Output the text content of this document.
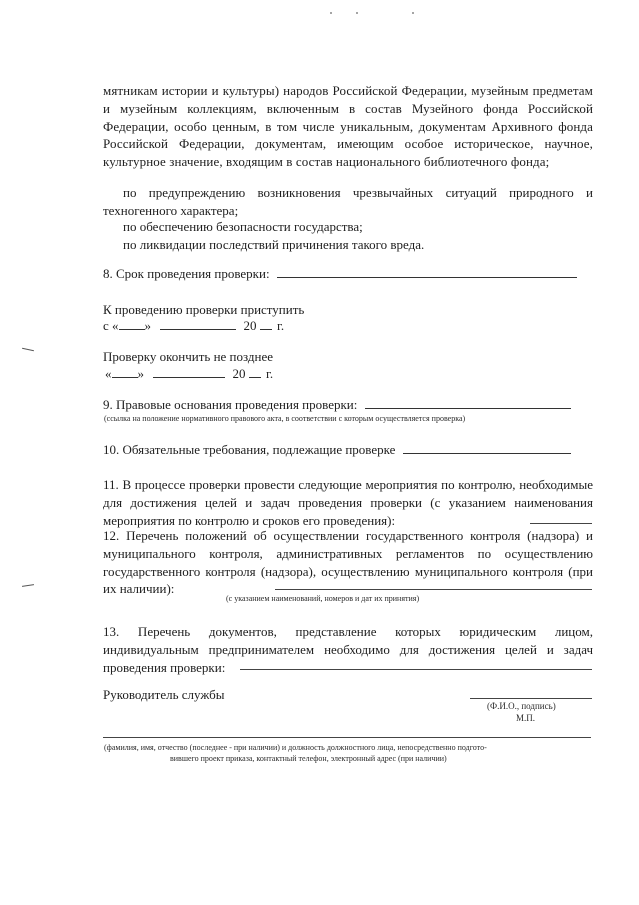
мятникам истории и культуры) народов Российской Федерации, музейным предметам и музейным коллекциям, включенным в состав Музейного фонда Российской Федерации, особо ценным, в том числе уникальным, документам Архивного фонда Российской Федерации, документам, имеющим особое историческое, научное, культурное значение, входящим в состав национального библиотечного фонда;
по предупреждению возникновения чрезвычайных ситуаций природного и техногенного характера;
по обеспечению безопасности государства;
по ликвидации последствий причинения такого вреда.
8. Срок проведения проверки:
К проведению проверки приступить
с « »	20 г.
Проверку окончить не позднее
« »	20 г.
9. Правовые основания проведения проверки:
(ссылка на положение нормативного правового акта, в соответствии с которым осуществляется проверка)
10. Обязательные требования, подлежащие проверке
11. В процессе проверки провести следующие мероприятия по контролю, необходимые для достижения целей и задач проведения проверки (с указанием наименования мероприятия по контролю и сроков его проведения):
12. Перечень положений об осуществлении государственного контроля (надзора) и муниципального контроля, административных регламентов по осуществлению государственного контроля (надзора), осуществлению муниципального контроля (при их наличии):
(с указанием наименований, номеров и дат их принятия)
13. Перечень документов, представление которых юридическим лицом, индивидуальным предпринимателем необходимо для достижения целей и задач проведения проверки:
Руководитель службы
(Ф.И.О., подпись)
М.П.
(фамилия, имя, отчество (последнее - при наличии) и должность должностного лица, непосредственно подгото-
вившего проект приказа, контактный телефон, электронный адрес (при наличии)
